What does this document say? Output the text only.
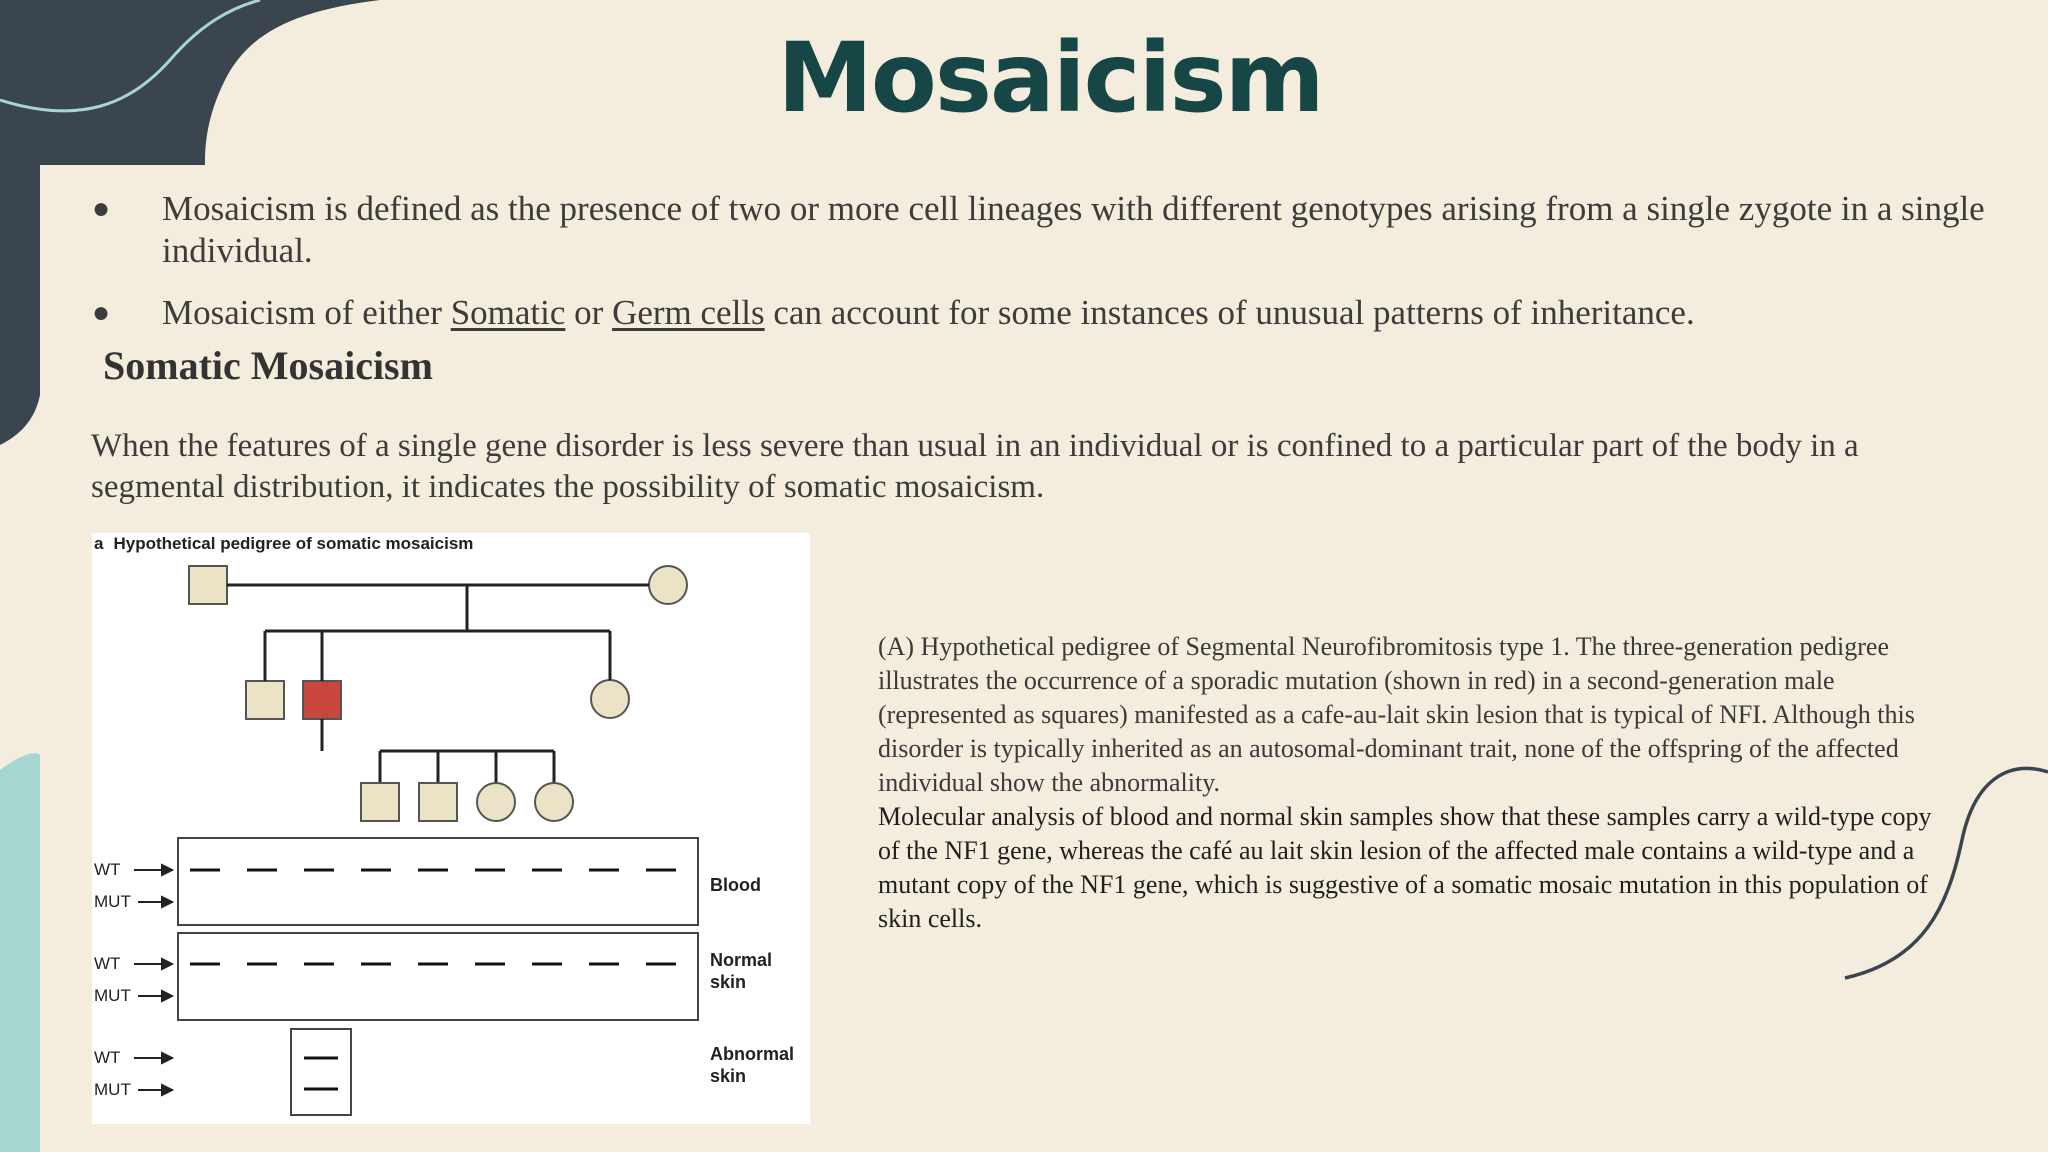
Mosaicism
● Mosaicism is defined as the presence of two or more cell lineages with different genotypes arising from a single zygote in a single individual.
● Mosaicism of either Somatic or Germ cells can account for some instances of unusual patterns of inheritance.
Somatic Mosaicism

When the features of a single gene disorder is less severe than usual in an individual or is confined to a particular part of the body in a segmental distribution, it indicates the possibility of somatic mosaicism.

a Hypothetical pedigree of somatic mosaicism
WT
MUT
WT
MUT
WT
MUT
Blood
Normal
skin
Abnormal
skin

(A) Hypothetical pedigree of Segmental Neurofibromitosis type 1. The three-generation pedigree illustrates the occurrence of a sporadic mutation (shown in red) in a second-generation male (represented as squares) manifested as a cafe-au-lait skin lesion that is typical of NFI. Although this disorder is typically inherited as an autosomal-dominant trait, none of the offspring of the affected individual show the abnormality.

Molecular analysis of blood and normal skin samples show that these samples carry a wild-type copy of the NF1 gene, whereas the café au lait skin lesion of the affected male contains a wild-type and a mutant copy of the NF1 gene, which is suggestive of a somatic mosaic mutation in this population of skin cells.
